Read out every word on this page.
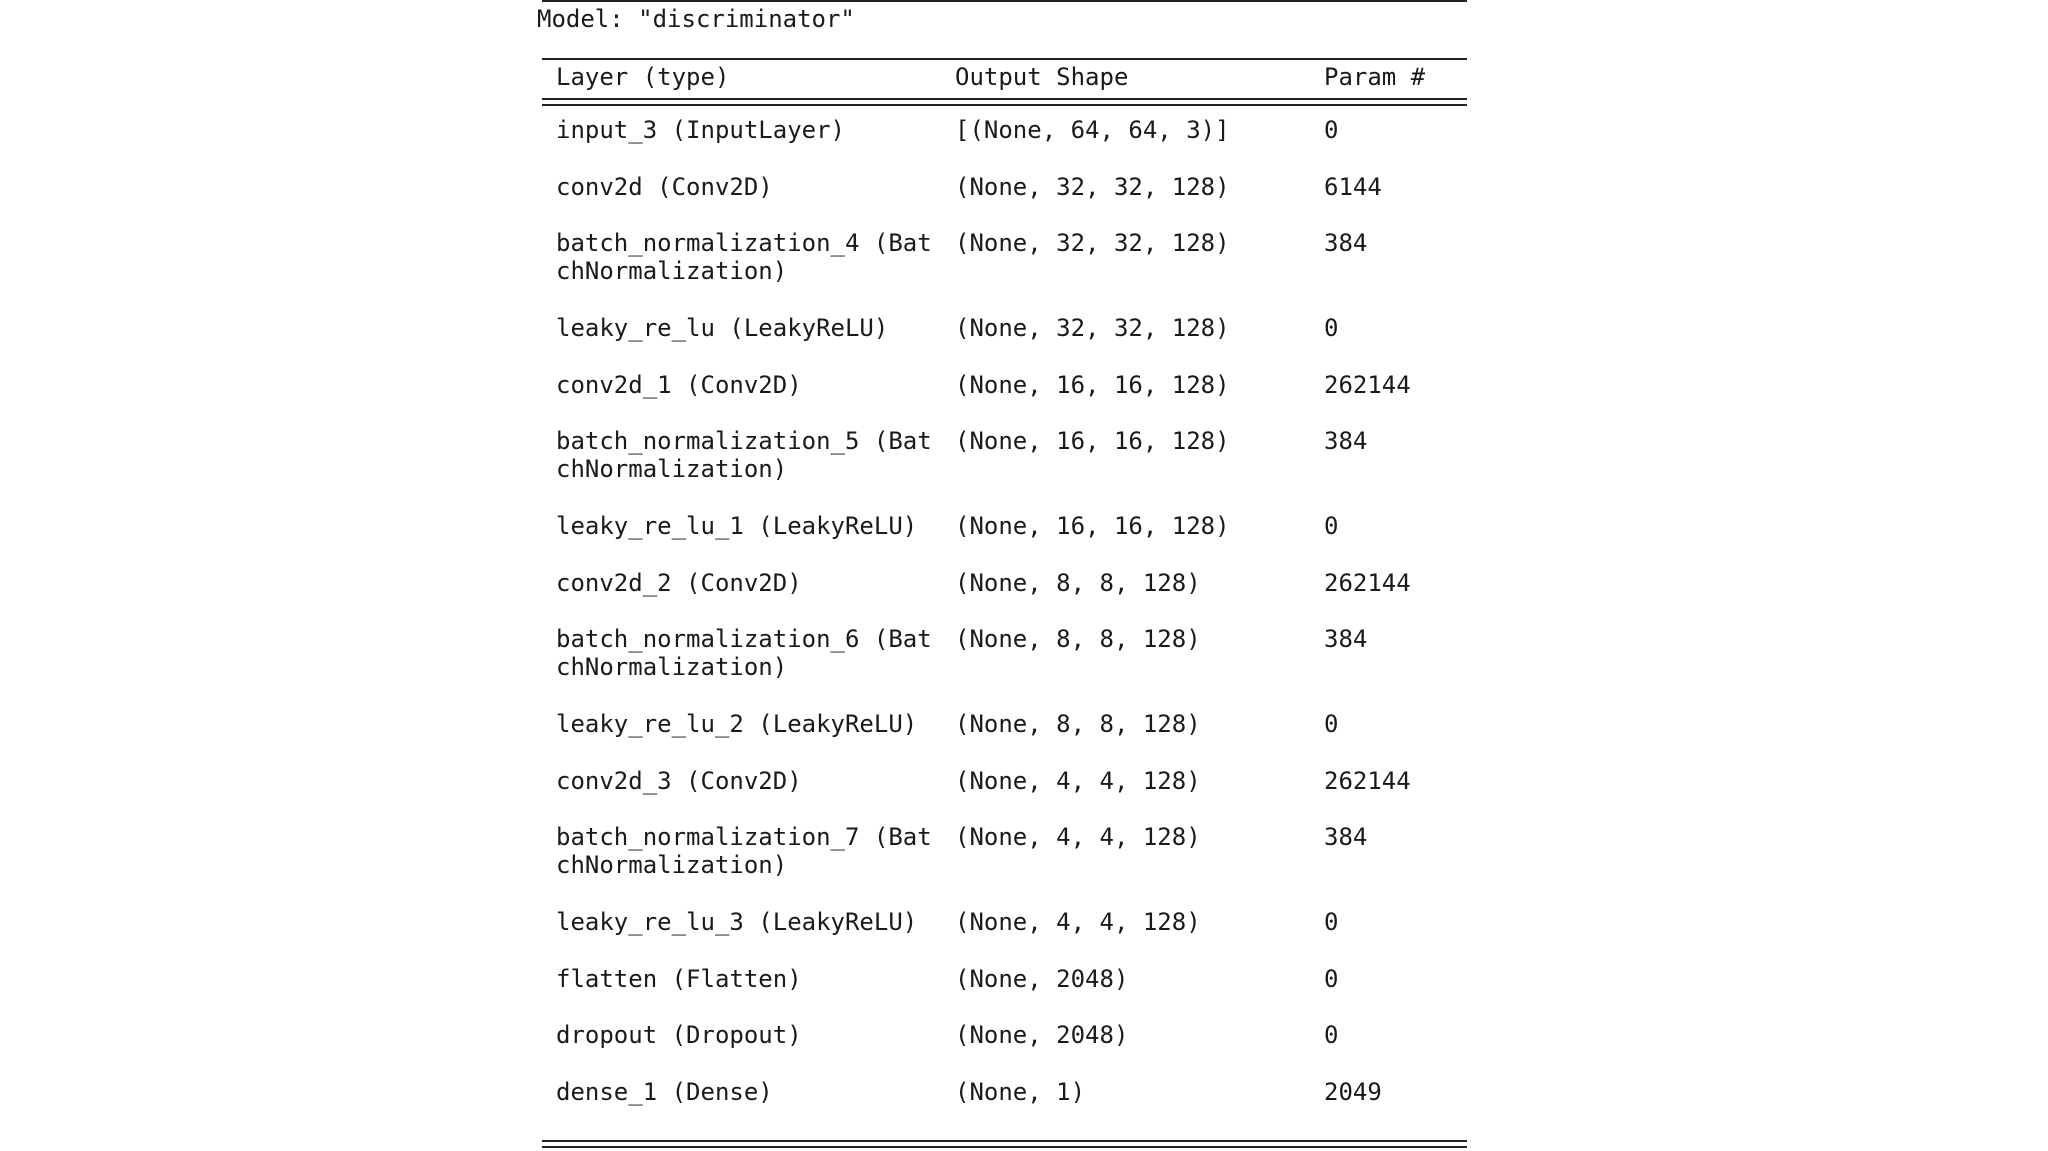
Model: "discriminator"
Layer (type)	Output Shape	Param #
input_3 (InputLayer)	[(None, 64, 64, 3)]	0
conv2d (Conv2D)	(None, 32, 32, 128)	6144
batch_normalization_4 (Bat
chNormalization)
(None, 32, 32, 128)	384
leaky_re_lu (LeakyReLU)	(None, 32, 32, 128)	0
conv2d_1 (Conv2D)	(None, 16, 16, 128)	262144
batch_normalization_5 (Bat
chNormalization)
(None, 16, 16, 128)	384
leaky_re_lu_1 (LeakyReLU) (None, 16, 16, 128)	0
conv2d_2 (Conv2D)	(None, 8, 8, 128)	262144
batch_normalization_6 (Bat
chNormalization)
(None, 8, 8, 128)	384
leaky_re_lu_2 (LeakyReLU) (None, 8, 8, 128)	0
conv2d_3 (Conv2D)	(None, 4, 4, 128)	262144
batch_normalization_7 (Bat
chNormalization)
(None, 4, 4, 128)	384
leaky_re_lu_3 (LeakyReLU) (None, 4, 4, 128)	0
flatten (Flatten)	(None, 2048)	0
dropout (Dropout)	(None, 2048)	0
dense_1 (Dense)	(None, 1)	2049
